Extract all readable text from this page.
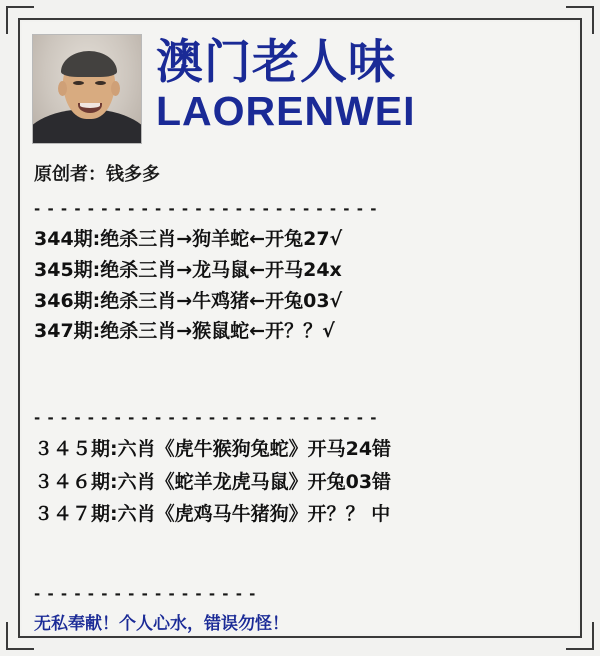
澳门老人味
LAORENWEI
原创者：钱多多
- - - - - - - - - - - - - - - - - - - - - - - - - -
344期:绝杀三肖→狗羊蛇←开兔27√
345期:绝杀三肖→龙马鼠←开马24x
346期:绝杀三肖→牛鸡猪←开兔03√
347期:绝杀三肖→猴鼠蛇←开？？√
- - - - - - - - - - - - - - - - - - - - - - - - - -
３４５期:六肖《虎牛猴狗兔蛇》开马24错
３４６期:六肖《蛇羊龙虎马鼠》开兔03错
３４７期:六肖《虎鸡马牛猪狗》开？？ 中
- - - - - - - - - - - - - - - - -
无私奉献！个人心水，错误勿怪！
